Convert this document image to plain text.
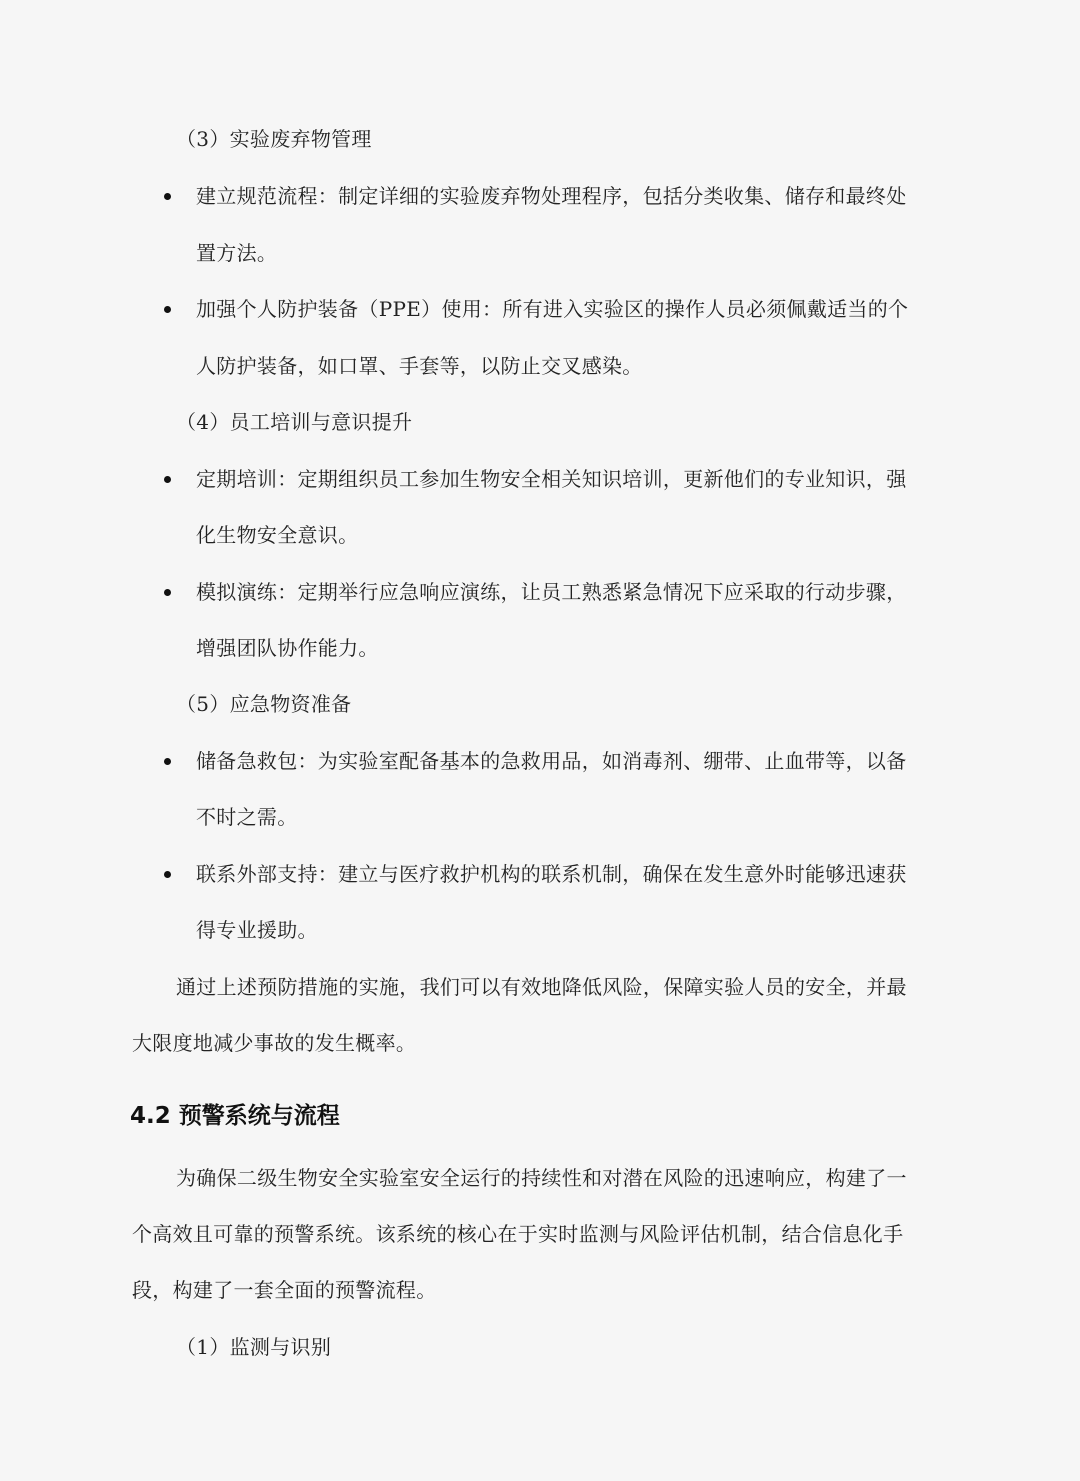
（3）实验废弃物管理
建立规范流程：制定详细的实验废弃物处理程序，包括分类收集、储存和最终处
置方法。
加强个人防护装备（PPE）使用：所有进入实验区的操作人员必须佩戴适当的个
人防护装备，如口罩、手套等，以防止交叉感染。
（4）员工培训与意识提升
定期培训：定期组织员工参加生物安全相关知识培训，更新他们的专业知识，强
化生物安全意识。
模拟演练：定期举行应急响应演练，让员工熟悉紧急情况下应采取的行动步骤，
增强团队协作能力。
（5）应急物资准备
储备急救包：为实验室配备基本的急救用品，如消毒剂、绷带、止血带等，以备
不时之需。
联系外部支持：建立与医疗救护机构的联系机制，确保在发生意外时能够迅速获
得专业援助。
通过上述预防措施的实施，我们可以有效地降低风险，保障实验人员的安全，并最
大限度地减少事故的发生概率。
4.2 预警系统与流程
为确保二级生物安全实验室安全运行的持续性和对潜在风险的迅速响应，构建了一
个高效且可靠的预警系统。该系统的核心在于实时监测与风险评估机制，结合信息化手
段，构建了一套全面的预警流程。
（1）监测与识别
